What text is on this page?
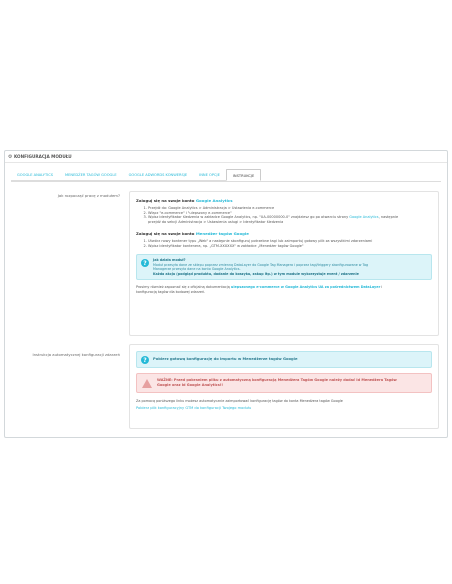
⚙ KONFIGURACJA MODUŁU
GOOGLE ANALYTICS	MENEDŻER TAGÓW GOOGLE	GOOGLE ADWORDS KONWERSJE	INNE OPCJE	INSTRUKCJE
Jak rozpocząć pracę z modułem?
Zaloguj się na swoje konto Google Analytics
1. Przejdź do: Google Analytics > Administracja > Ustawienia e-commerce
2. Włącz "e-commerce" i "ulepszony e-commerce"
3. Wpisz identyfikator śledzenia w zakładce Google Analytics, np. "UA-00000000-0" znajdziesz go po otwarciu strony Google Analytics, następnie
przejdź do sekcji Administracja > Ustawienia usługi > Identyfikator śledzenia
Zaloguj się na swoje konto Menedżer tagów Google
1. Utwórz nowy kontener typu „Web" a następnie skonfiguruj potrzebne tagi lub zaimportuj gotowy plik za wszystkimi zdarzeniami
2. Wpisz identyfikator kontenera, np. „GTM-XXXXXX" w zakładce „Menedżer tagów Google"
?	Jak działa moduł?
Moduł przesyła dane ze sklepu poprzez zmienną DataLayer do Google Tag Managera i poprzez tagi/triggery skonfigurowane w Tag
Managerze przesyła dane na konto Google Analytics.
Każda akcja (podgląd produktu, dodanie do koszyka, zakup itp.) w tym module wykorzystuje event / zdarzenie
Prosimy również zapoznać się z oficjalną dokumentacją ulepszonego e-commerce w Google Analytics UA za pośrednictwem DataLayer i
konfiguracją tagów dla kodowej zdarzeń.
Instrukcja automatycznej konfiguracji zdarzeń
?	Pobierz gotową konfigurację do importu w Menedżerze tagów Google
WAŻNE: Przed pobraniem pliku z automatyczną konfiguracją Menedżera Tagów Google należy dodać Id Menedżera Tagów
Google oraz Id Google Analytics!!
Za pomocą poniższego linku możesz automatycznie zaimportować konfigurację tagów do konta Menedżera tagów Google
Pobierz plik konfiguracyjny GTM do konfiguracji Twojego modułu
